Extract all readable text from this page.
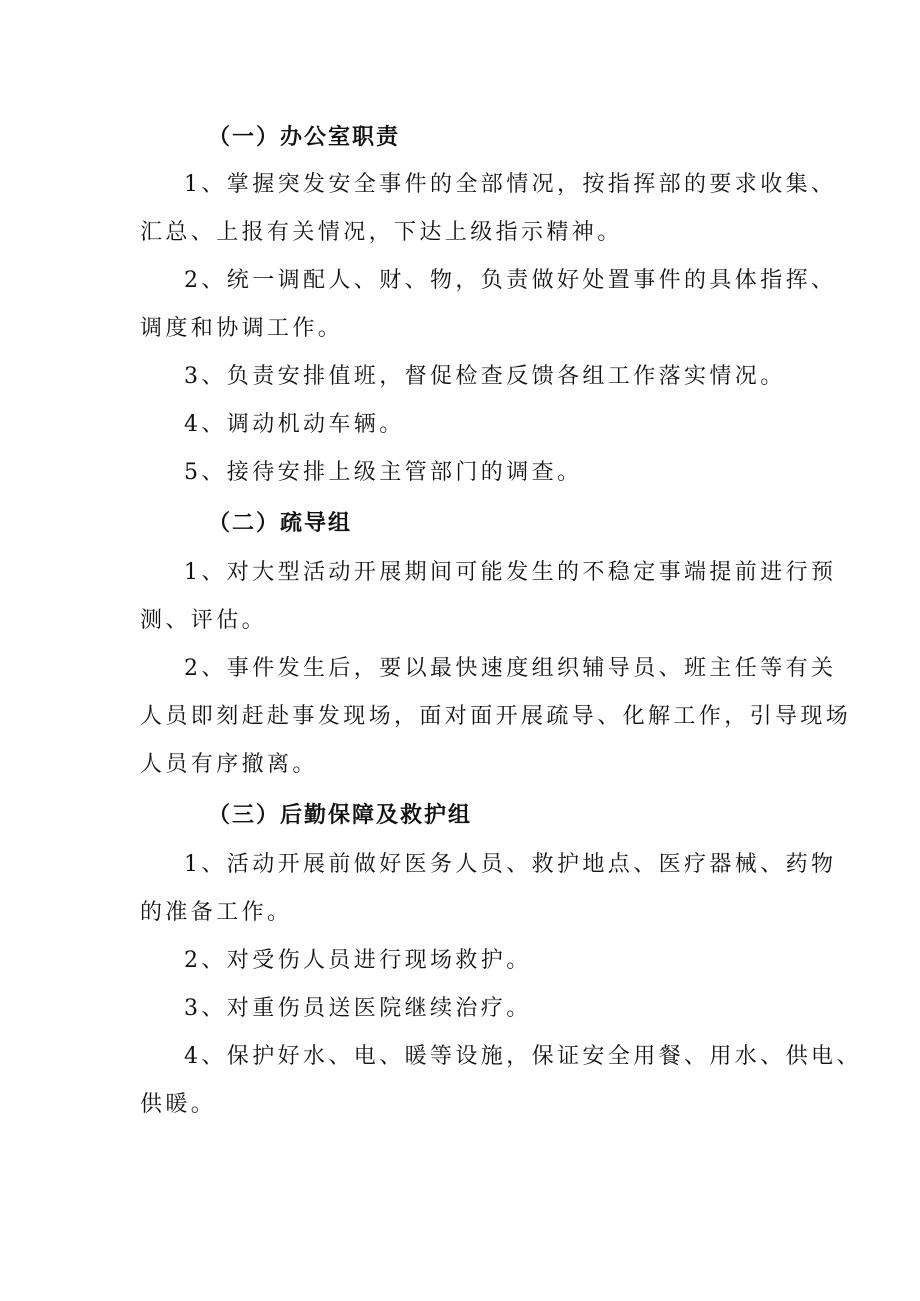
（一）办公室职责
1、掌握突发安全事件的全部情况，按指挥部的要求收集、
汇总、上报有关情况，下达上级指示精神。
2、统一调配人、财、物，负责做好处置事件的具体指挥、
调度和协调工作。
3、负责安排值班，督促检查反馈各组工作落实情况。
4、调动机动车辆。
5、接待安排上级主管部门的调查。
（二）疏导组
1、对大型活动开展期间可能发生的不稳定事端提前进行预
测、评估。
2、事件发生后，要以最快速度组织辅导员、班主任等有关
人员即刻赶赴事发现场，面对面开展疏导、化解工作，引导现场
人员有序撤离。
（三）后勤保障及救护组
1、活动开展前做好医务人员、救护地点、医疗器械、药物
的准备工作。
2、对受伤人员进行现场救护。
3、对重伤员送医院继续治疗。
4、保护好水、电、暖等设施，保证安全用餐、用水、供电、
供暖。
